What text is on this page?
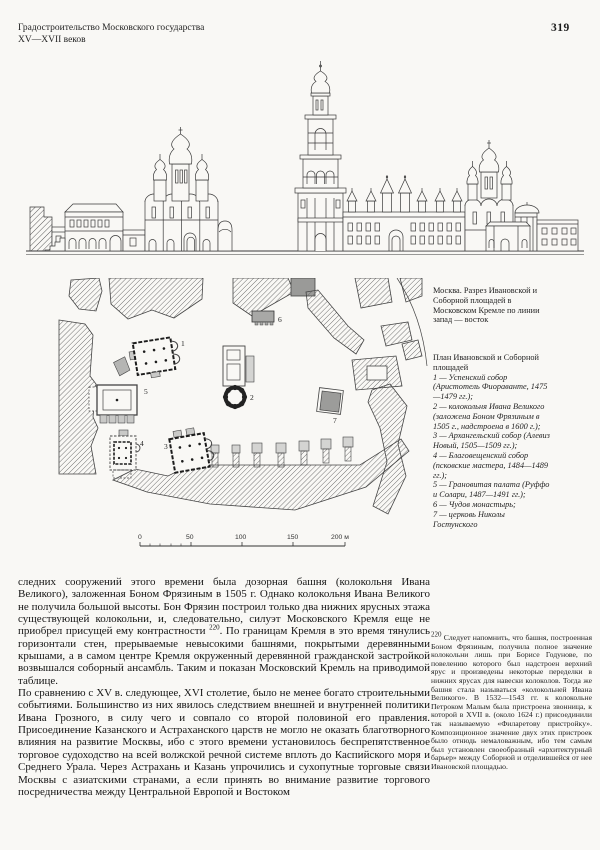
Градостроительство Московского государства
XV—XVII веков
319
1
2
3
4
5
6
7
0	50	100	150	200 м
Москва. Разрез Ивановской и Соборной площадей в Московском Кремле по линии запад — восток
План Ивановской и Соборной площадей
1 — Успенский собор (Аристотель Фиораванте, 1475—1479 гг.);
2 — колокольня Ивана Великого (заложена Боном Фрязиным в 1505 г., надстроена в 1600 г.);
3 — Архангельский собор (Алевиз Новый, 1505—1509 гг.);
4 — Благовещенский собор (псковские мастера, 1484—1489 гг.);
5 — Грановитая палата (Руффо и Солари, 1487—1491 гг.);
6 — Чудов монастырь;
7 — церковь Николы Гостунского

следних сооружений этого времени была дозорная башня (колокольня Ивана Великого), заложенная Боном Фрязиным в 1505 г. Однако колокольня Ивана Великого не получила большой высоты. Бон Фрязин построил только два нижних ярусных этажа существующей колокольни, и, следовательно, силуэт Московского Кремля еще не приобрел присущей ему контрастности $^{220}$. По границам Кремля в это время тянулись горизонтали стен, прерываемые невысокими башнями, покрытыми деревянными крышами, а в самом центре Кремля окруженный деревянной гражданской застройкой возвышался соборный ансамбль. Таким и показан Московский Кремль на приводимой таблице.

По сравнению с XV в. следующее, XVI столетие, было не менее богато строительными событиями. Большинство из них явилось следствием внешней и внутренней политики Ивана Грозного, в силу чего и совпало со второй половиной его правления. Присоединение Казанского и Астраханского царств не могло не оказать благотворного влияния на развитие Москвы, ибо с этого времени установилось беспрепятственное торговое судоходство на всей волжской речной системе вплоть до Каспийского моря и Среднего Урала. Через Астрахань и Казань упрочились и сухопутные торговые связи Москвы с азиатскими странами, а если принять во внимание развитие торгового посредничества между Центральной Европой и Востоком

$^{220}$ Следует напомнить, что башня, построенная Боном Фрязиным, получила полное значение колокольни лишь при Борисе Годунове, по повелению которого был надстроен верхний ярус и произведены некоторые переделки в нижних ярусах для навески колоколов. Тогда же башня стала называться «колокольней Ивана Великого». В 1532—1543 гг. к колокольне Петроком Малым была пристроена звонница, к которой в XVII в. (около 1624 г.) присоединили так называемую «Филаретову пристройку». Композиционное значение двух этих пристроек было отнюдь немаловажным, ибо тем самым был установлен своеобразный «архитектурный барьер» между Соборной и отделившейся от нее Ивановской площадью.
